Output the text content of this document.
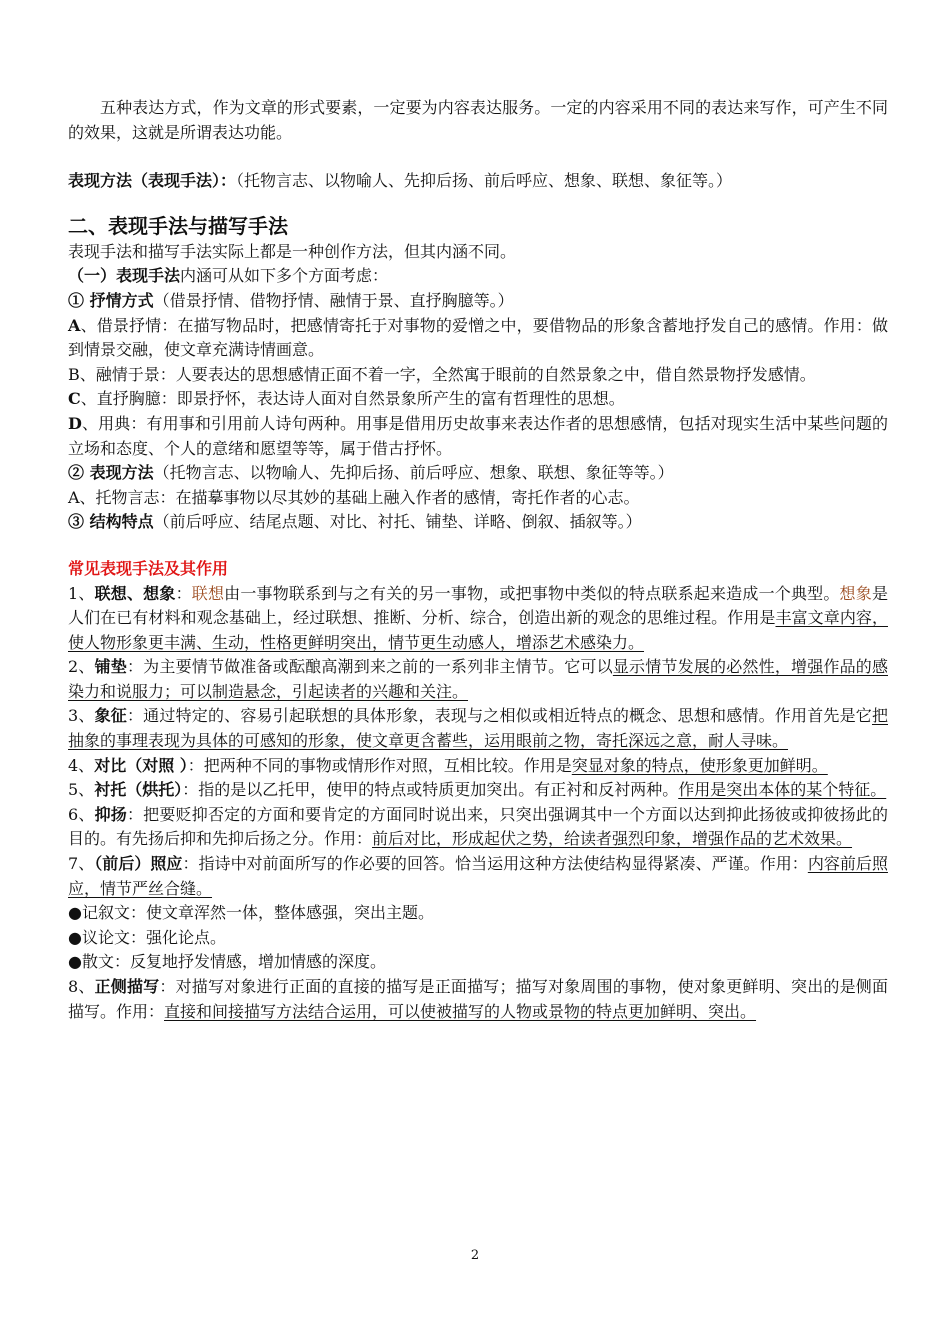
五种表达方式，作为文章的形式要素，一定要为内容表达服务。一定的内容采用不同的表达来写作，可产生不同的效果，这就是所谓表达功能。

表现方法（表现手法）：（托物言志、以物喻人、先抑后扬、前后呼应、想象、联想、象征等。）

二、表现手法与描写手法

表现手法和描写手法实际上都是一种创作方法，但其内涵不同。

（一）表现手法内涵可从如下多个方面考虑：

① 抒情方式（借景抒情、借物抒情、融情于景、直抒胸臆等。）

A、借景抒情：在描写物品时，把感情寄托于对事物的爱憎之中，要借物品的形象含蓄地抒发自己的感情。作用：做到情景交融，使文章充满诗情画意。

B、融情于景：人要表达的思想感情正面不着一字，全然寓于眼前的自然景象之中，借自然景物抒发感情。

C、直抒胸臆：即景抒怀，表达诗人面对自然景象所产生的富有哲理性的思想。

D、用典：有用事和引用前人诗句两种。用事是借用历史故事来表达作者的思想感情，包括对现实生活中某些问题的立场和态度、个人的意绪和愿望等等，属于借古抒怀。

② 表现方法（托物言志、以物喻人、先抑后扬、前后呼应、想象、联想、象征等等。）

A、托物言志：在描摹事物以尽其妙的基础上融入作者的感情，寄托作者的心志。

③ 结构特点（前后呼应、结尾点题、对比、衬托、铺垫、详略、倒叙、插叙等。）

常见表现手法及其作用

1、联想、想象：联想由一事物联系到与之有关的另一事物，或把事物中类似的特点联系起来造成一个典型。想象是人们在已有材料和观念基础上，经过联想、推断、分析、综合，创造出新的观念的思维过程。作用是丰富文章内容，使人物形象更丰满、生动，性格更鲜明突出，情节更生动感人，增添艺术感染力。

2、铺垫：为主要情节做准备或酝酿高潮到来之前的一系列非主情节。它可以显示情节发展的必然性，增强作品的感染力和说服力；可以制造悬念，引起读者的兴趣和关注。

3、象征：通过特定的、容易引起联想的具体形象，表现与之相似或相近特点的概念、思想和感情。作用首先是它把抽象的事理表现为具体的可感知的形象，使文章更含蓄些，运用眼前之物，寄托深远之意，耐人寻味。

4、对比（对照 ）：把两种不同的事物或情形作对照，互相比较。作用是突显对象的特点，使形象更加鲜明。

5、衬托（烘托）：指的是以乙托甲，使甲的特点或特质更加突出。有正衬和反衬两种。作用是突出本体的某个特征。

6、抑扬：把要贬抑否定的方面和要肯定的方面同时说出来，只突出强调其中一个方面以达到抑此扬彼或抑彼扬此的目的。有先扬后抑和先抑后扬之分。作用：前后对比，形成起伏之势，给读者强烈印象，增强作品的艺术效果。

7、（前后）照应：指诗中对前面所写的作必要的回答。恰当运用这种方法使结构显得紧凑、严谨。作用：内容前后照应，情节严丝合缝。

●记叙文：使文章浑然一体，整体感强，突出主题。

●议论文：强化论点。

●散文：反复地抒发情感，增加情感的深度。

8、正侧描写：对描写对象进行正面的直接的描写是正面描写；描写对象周围的事物，使对象更鲜明、突出的是侧面描写。作用：直接和间接描写方法结合运用，可以使被描写的人物或景物的特点更加鲜明、突出。

2
